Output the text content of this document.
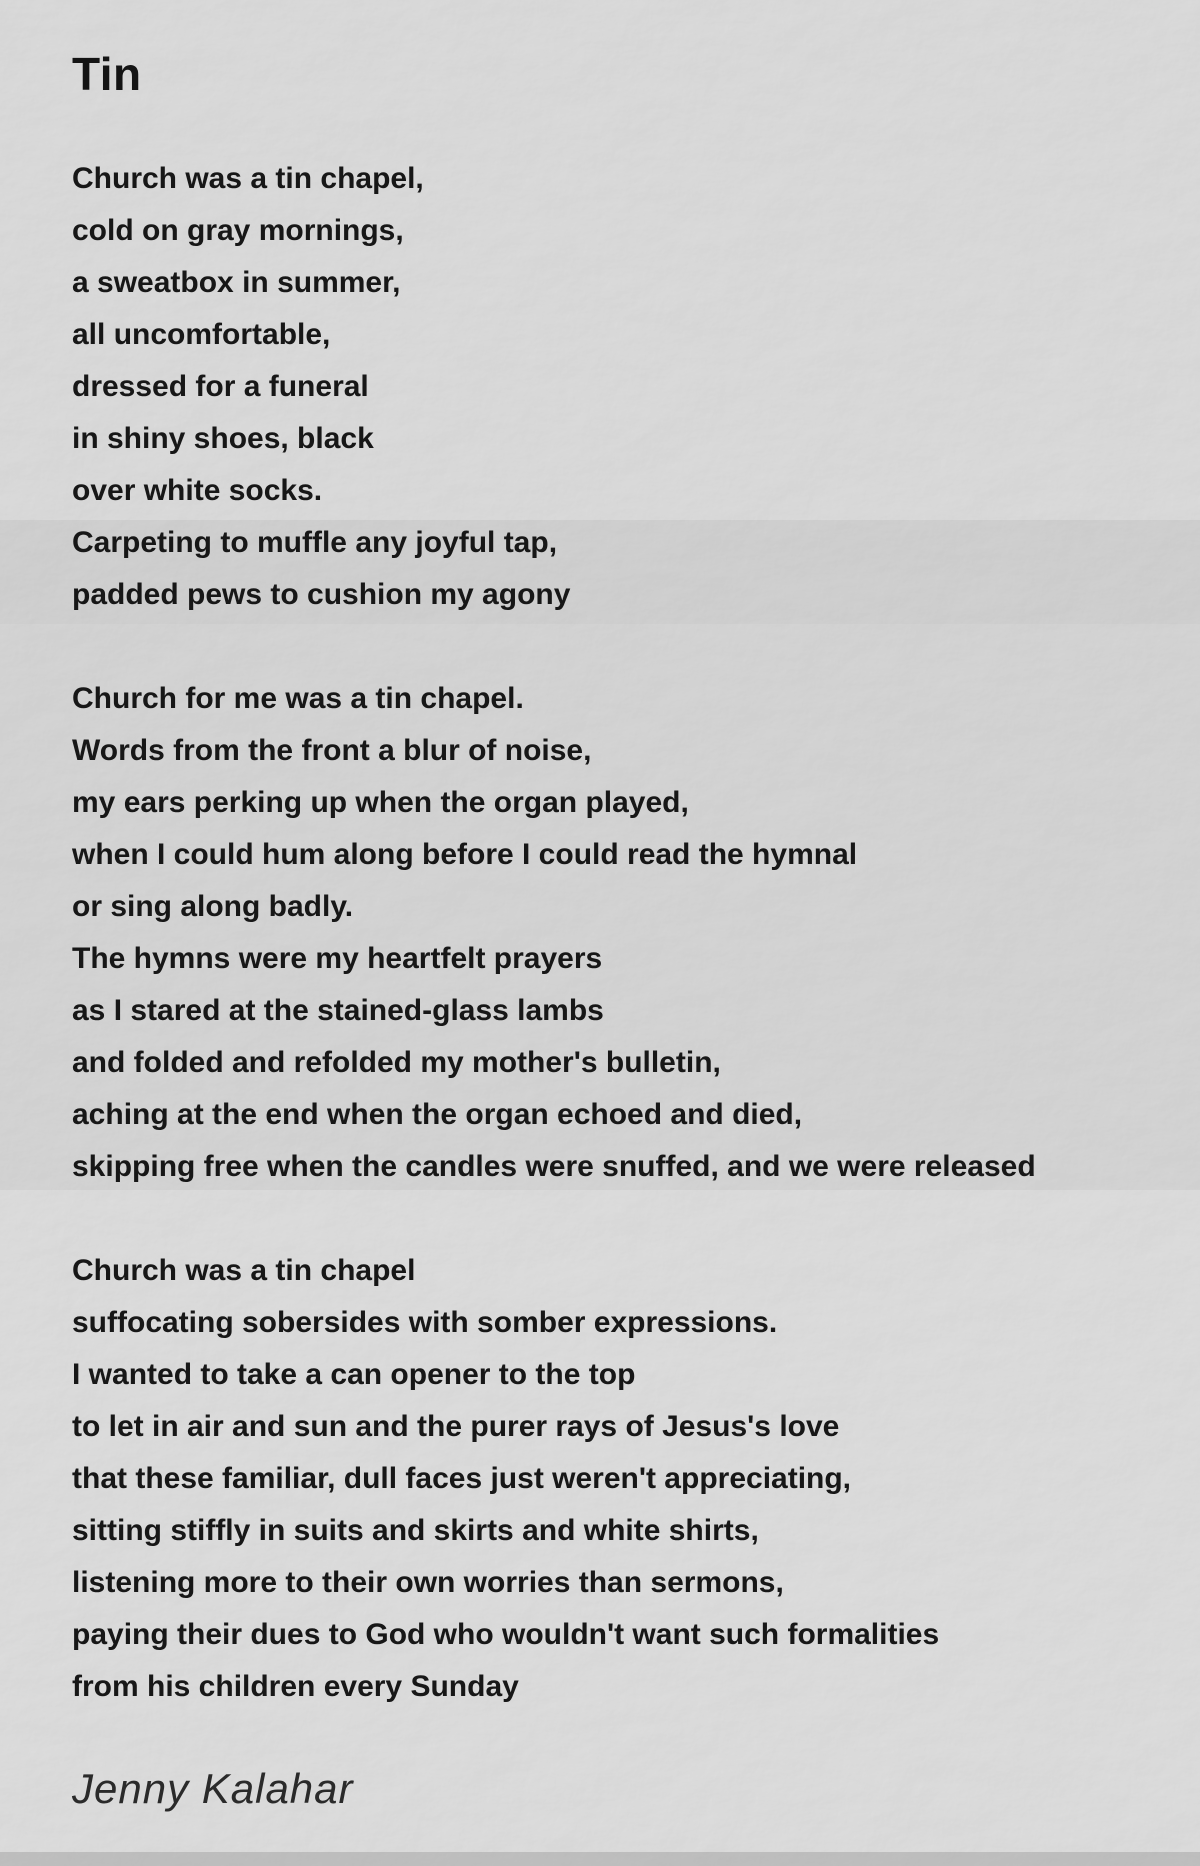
Tin
Church was a tin chapel,
cold on gray mornings,
a sweatbox in summer,
all uncomfortable,
dressed for a funeral
in shiny shoes, black
over white socks.
Carpeting to muffle any joyful tap,
padded pews to cushion my agony
Church for me was a tin chapel.
Words from the front a blur of noise,
my ears perking up when the organ played,
when I could hum along before I could read the hymnal
or sing along badly.
The hymns were my heartfelt prayers
as I stared at the stained-glass lambs
and folded and refolded my mother's bulletin,
aching at the end when the organ echoed and died,
skipping free when the candles were snuffed, and we were released
Church was a tin chapel
suffocating sobersides with somber expressions.
I wanted to take a can opener to the top
to let in air and sun and the purer rays of Jesus's love
that these familiar, dull faces just weren't appreciating,
sitting stiffly in suits and skirts and white shirts,
listening more to their own worries than sermons,
paying their dues to God who wouldn't want such formalities
from his children every Sunday
Jenny Kalahar
